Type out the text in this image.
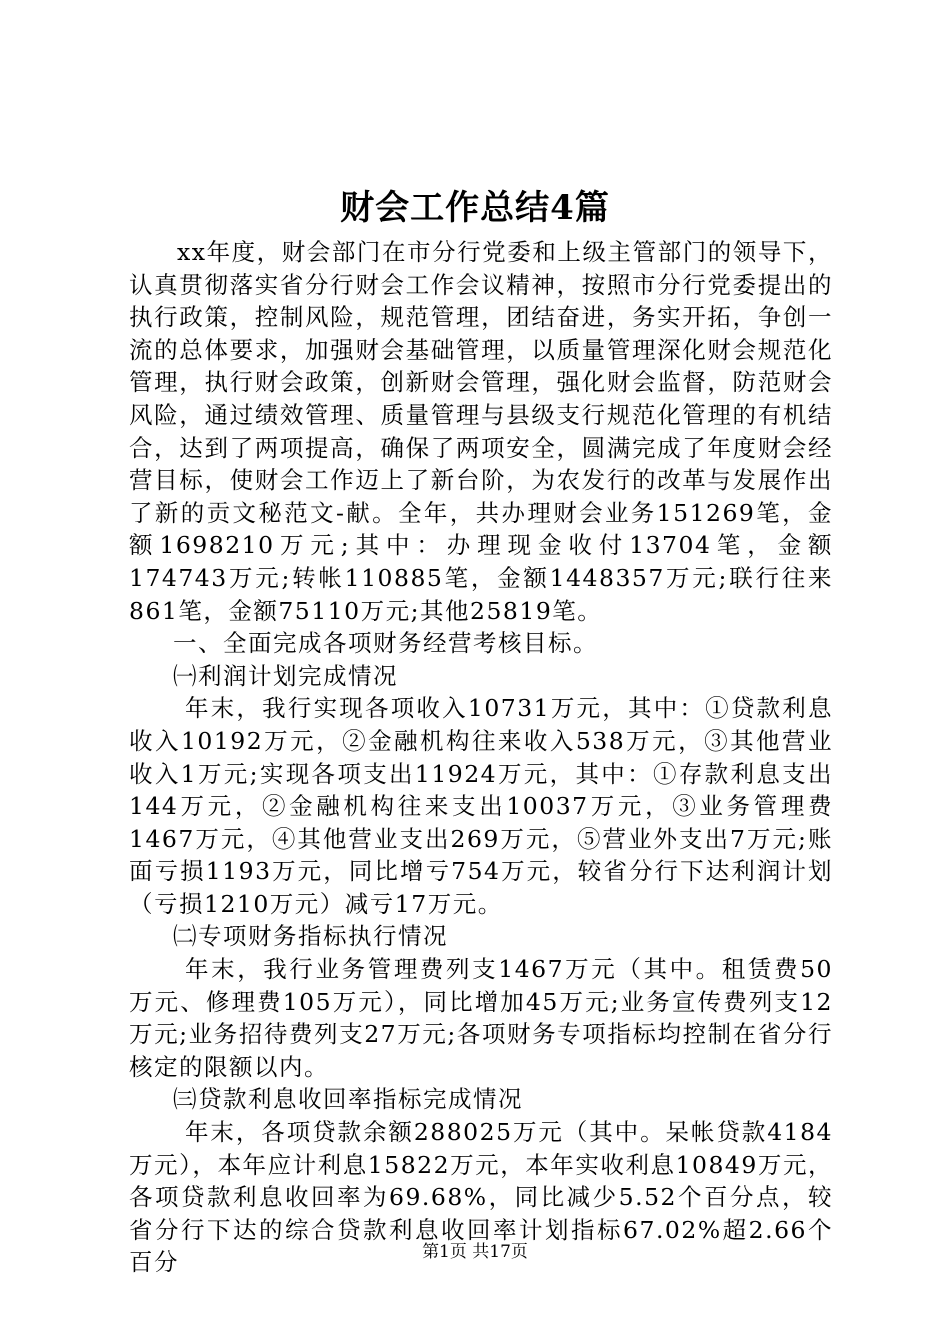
财会工作总结4篇

xx年度，财会部门在市分行党委和上级主管部门的领导下，认真贯彻落实省分行财会工作会议精神，按照市分行党委提出的执行政策，控制风险，规范管理，团结奋进，务实开拓，争创一流的总体要求，加强财会基础管理，以质量管理深化财会规范化管理，执行财会政策，创新财会管理，强化财会监督，防范财会风险，通过绩效管理、质量管理与县级支行规范化管理的有机结合，达到了两项提高，确保了两项安全，圆满完成了年度财会经营目标，使财会工作迈上了新台阶，为农发行的改革与发展作出了新的贡文秘范文-献。全年，共办理财会业务151269笔，金额1698210万元;其中：办理现金收付13704笔，金额174743万元;转帐110885笔，金额1448357万元;联行往来861笔，金额75110万元;其他25819笔。

一、全面完成各项财务经营考核目标。

㈠利润计划完成情况

年末，我行实现各项收入10731万元，其中：①贷款利息收入10192万元，②金融机构往来收入538万元，③其他营业收入1万元;实现各项支出11924万元，其中：①存款利息支出144万元，②金融机构往来支出10037万元，③业务管理费1467万元，④其他营业支出269万元，⑤营业外支出7万元;账面亏损1193万元，同比增亏754万元，较省分行下达利润计划（亏损1210万元）减亏17万元。

㈡专项财务指标执行情况

年末，我行业务管理费列支1467万元（其中。租赁费50万元、修理费105万元），同比增加45万元;业务宣传费列支12万元;业务招待费列支27万元;各项财务专项指标均控制在省分行核定的限额以内。

㈢贷款利息收回率指标完成情况

年末，各项贷款余额288025万元（其中。呆帐贷款4184万元），本年应计利息15822万元，本年实收利息10849万元，各项贷款利息收回率为69.68%，同比减少5.52个百分点，较省分行下达的综合贷款利息收回率计划指标67.02%超2.66个百分	第1页 共17页
